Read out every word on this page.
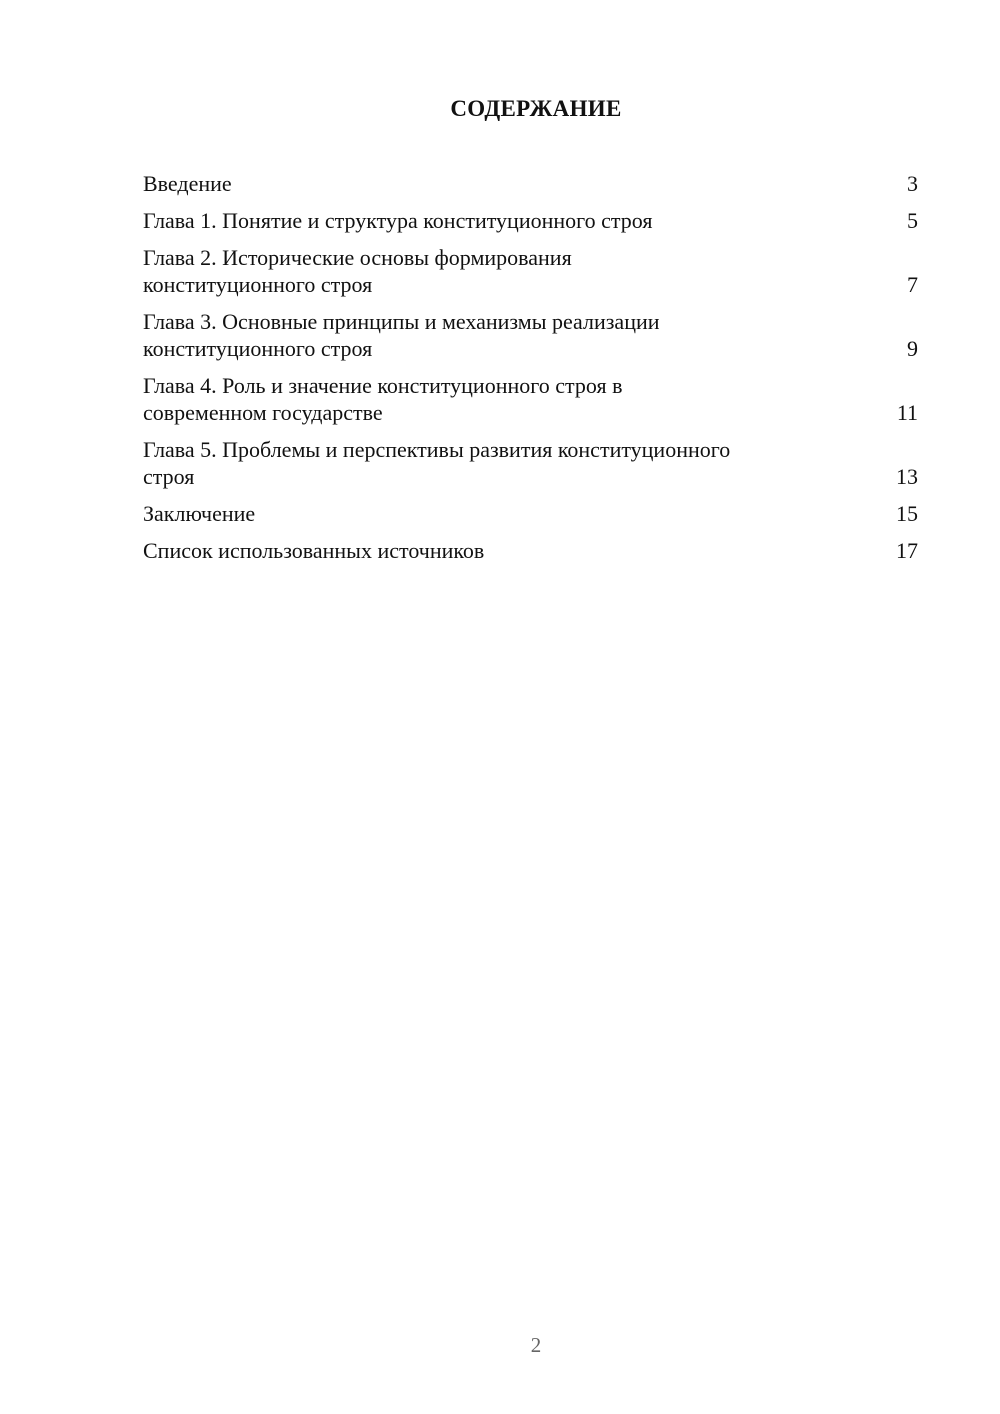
СОДЕРЖАНИЕ
Введение	3
Глава 1. Понятие и структура конституционного строя	5
Глава 2. Исторические основы формирования
конституционного строя	7
Глава 3. Основные принципы и механизмы реализации
конституционного строя	9
Глава 4. Роль и значение конституционного строя в
современном государстве	11
Глава 5. Проблемы и перспективы развития конституционного
строя	13
Заключение	15
Список использованных источников	17
2
